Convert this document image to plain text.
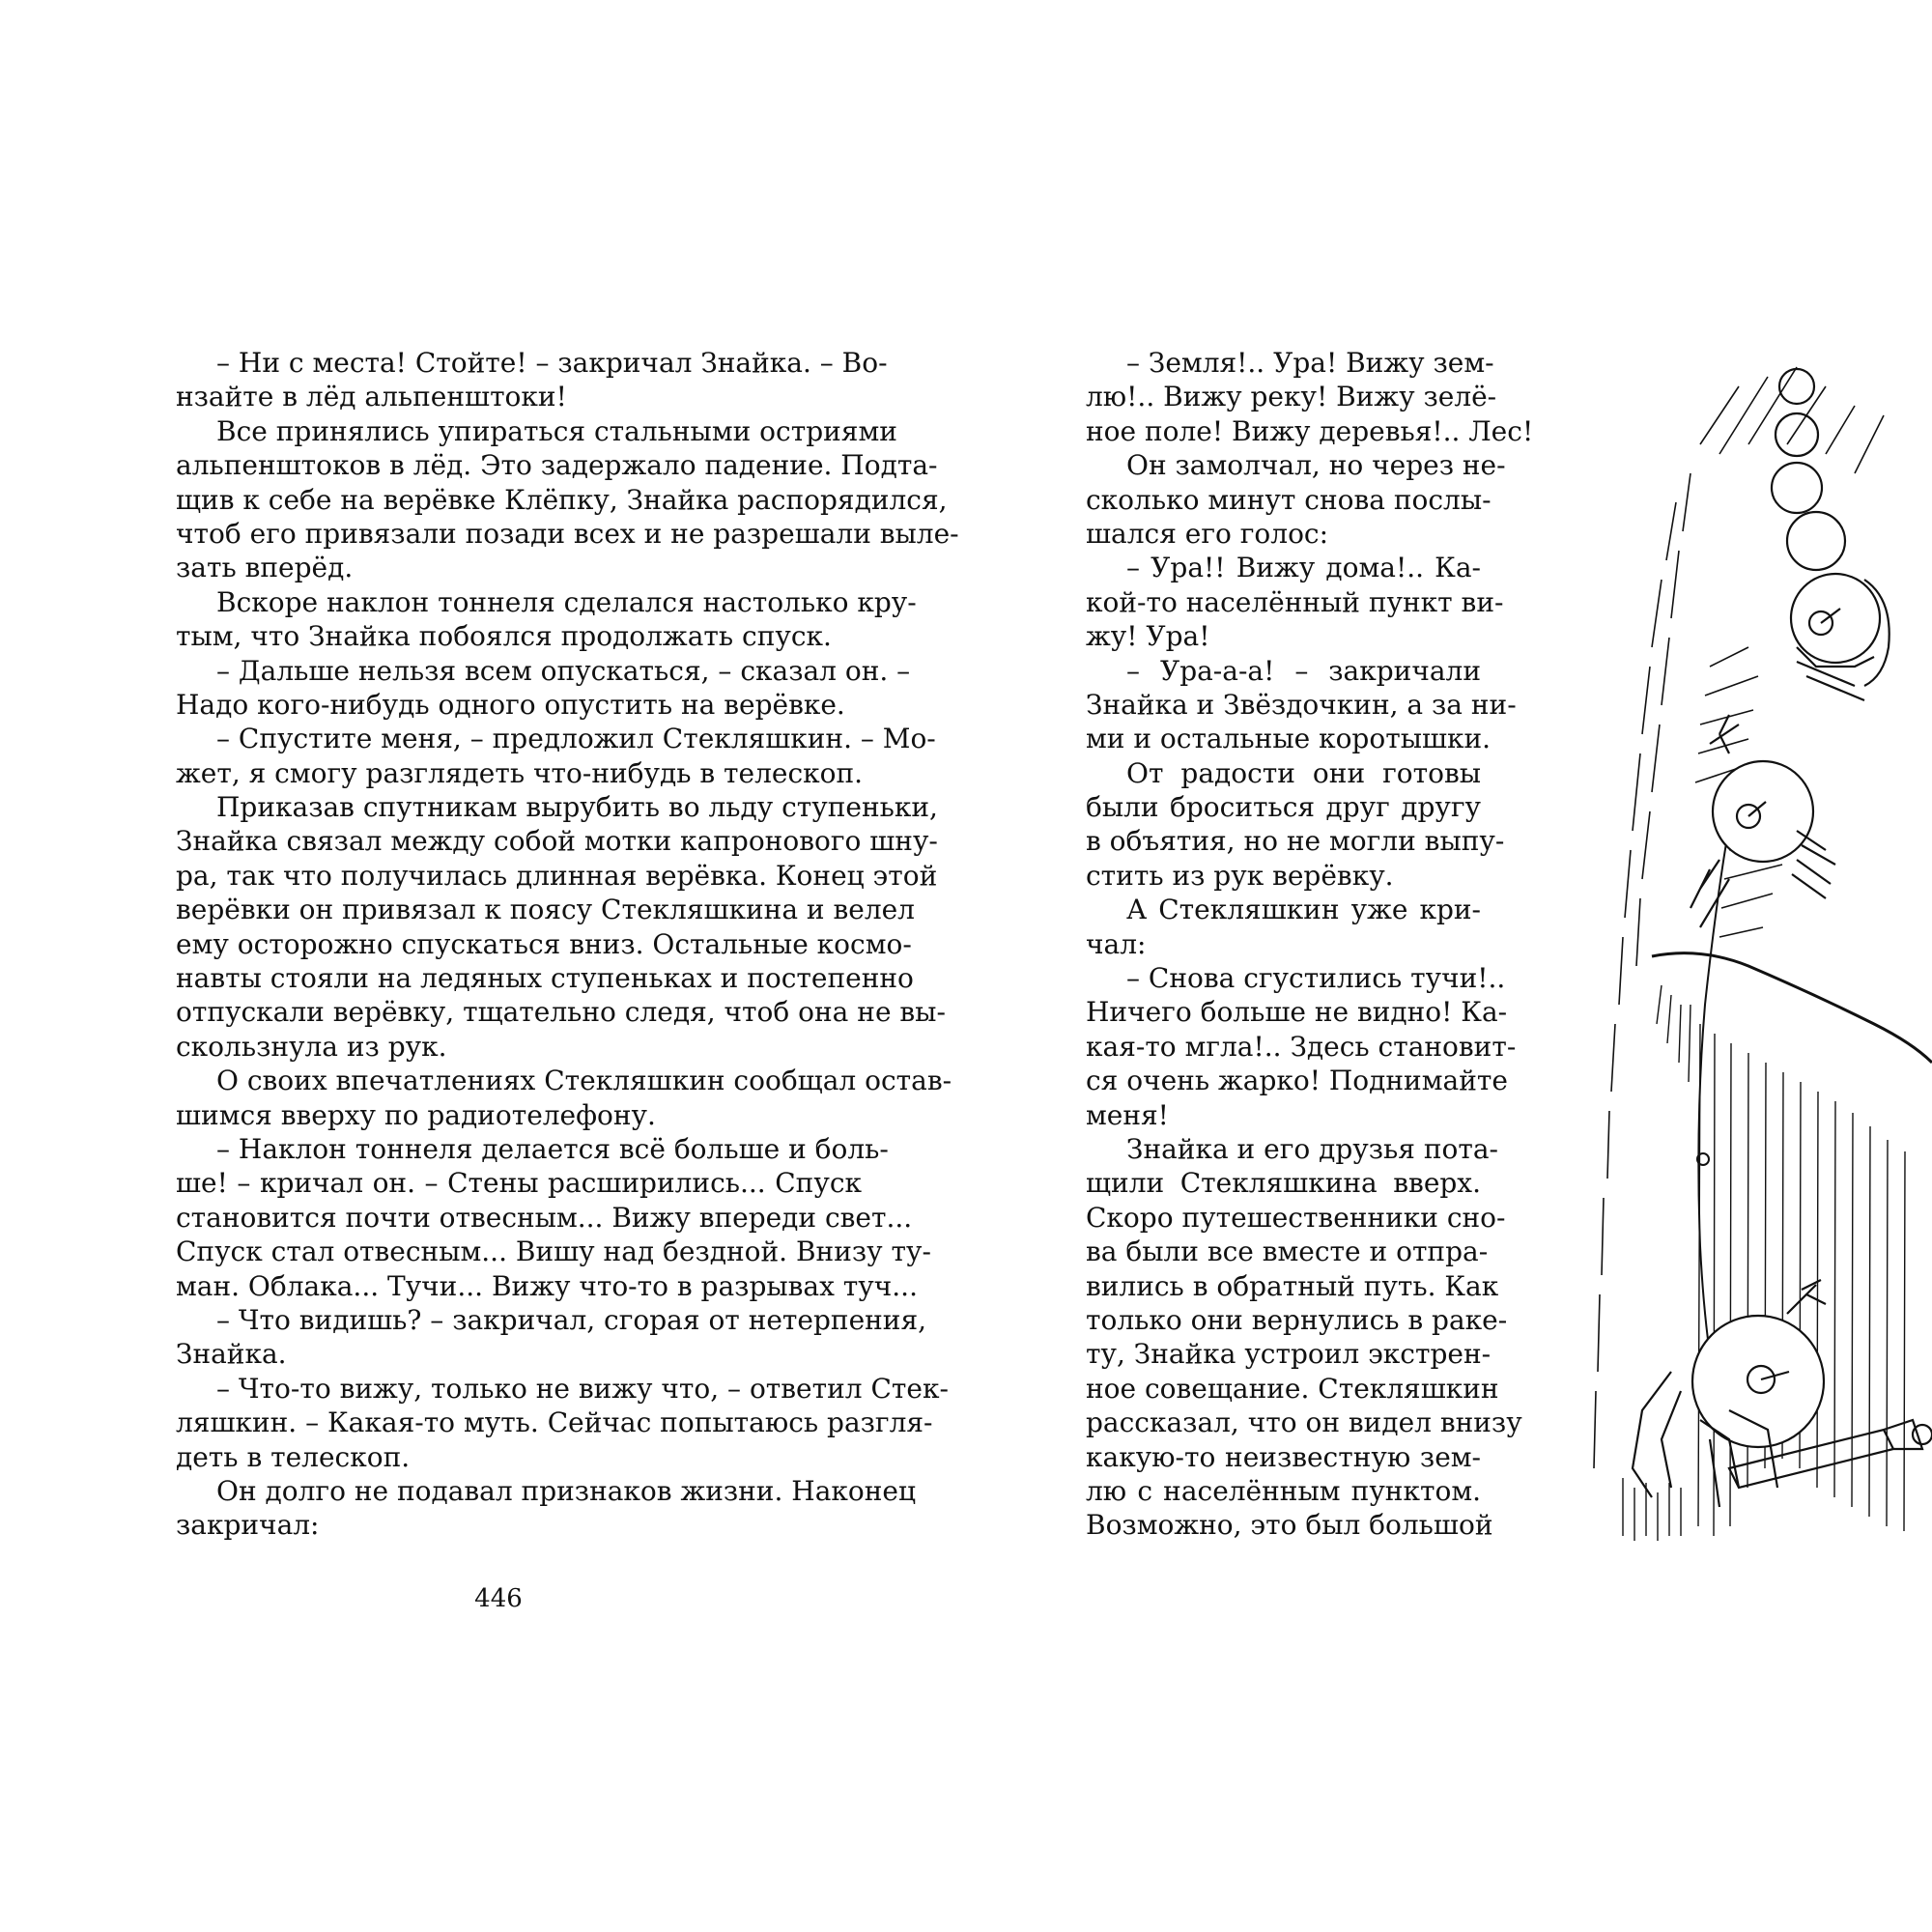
– Ни с места! Стойте! – закричал Знайка. – Во-
нзайте в лёд альпенштоки!
Все принялись упираться стальными остриями
альпенштоков в лёд. Это задержало падение. Подта-
щив к себе на верёвке Клёпку, Знайка распорядился,
чтоб его привязали позади всех и не разрешали выле-
зать вперёд.
Вскоре наклон тоннеля сделался настолько кру-
тым, что Знайка побоялся продолжать спуск.
– Дальше нельзя всем опускаться, – сказал он. –
Надо кого-нибудь одного опустить на верёвке.
– Спустите меня, – предложил Стекляшкин. – Мо-
жет, я смогу разглядеть что-нибудь в телескоп.
Приказав спутникам вырубить во льду ступеньки,
Знайка связал между собой мотки капронового шну-
ра, так что получилась длинная верёвка. Конец этой
верёвки он привязал к поясу Стекляшкина и велел
ему осторожно спускаться вниз. Остальные космо-
навты стояли на ледяных ступеньках и постепенно
отпускали верёвку, тщательно следя, чтоб она не вы-
скользнула из рук.
О своих впечатлениях Стекляшкин сообщал остав-
шимся вверху по радиотелефону.
– Наклон тоннеля делается всё больше и боль-
ше! – кричал он. – Стены расширились... Спуск
становится почти отвесным... Вижу впереди свет...
Спуск стал отвесным... Вишу над бездной. Внизу ту-
ман. Облака... Тучи... Вижу что-то в разрывах туч...
– Что видишь? – закричал, сгорая от нетерпения,
Знайка.
– Что-то вижу, только не вижу что, – ответил Стек-
ляшкин. – Какая-то муть. Сейчас попытаюсь разгля-
деть в телескоп.
Он долго не подавал признаков жизни. Наконец
закричал:
446
– Земля!.. Ура! Вижу зем-
лю!.. Вижу реку! Вижу зелё-
ное поле! Вижу деревья!.. Лес!
Он замолчал, но через не-
сколько минут снова послы-
шался его голос:
– Ура!! Вижу дома!.. Ка-
кой-то населённый пункт ви-
жу! Ура!
– Ура-а-а! – закричали
Знайка и Звёздочкин, а за ни-
ми и остальные коротышки.
От радости они готовы
были броситься друг другу
в объятия, но не могли выпу-
стить из рук верёвку.
А Стекляшкин уже кри-
чал:
– Снова сгустились тучи!..
Ничего больше не видно! Ка-
кая-то мгла!.. Здесь становит-
ся очень жарко! Поднимайте
меня!
Знайка и его друзья пота-
щили Стекляшкина вверх.
Скоро путешественники сно-
ва были все вместе и отпра-
вились в обратный путь. Как
только они вернулись в раке-
ту, Знайка устроил экстрен-
ное совещание. Стекляшкин
рассказал, что он видел внизу
какую-то неизвестную зем-
лю с населённым пунктом.
Возможно, это был большой
